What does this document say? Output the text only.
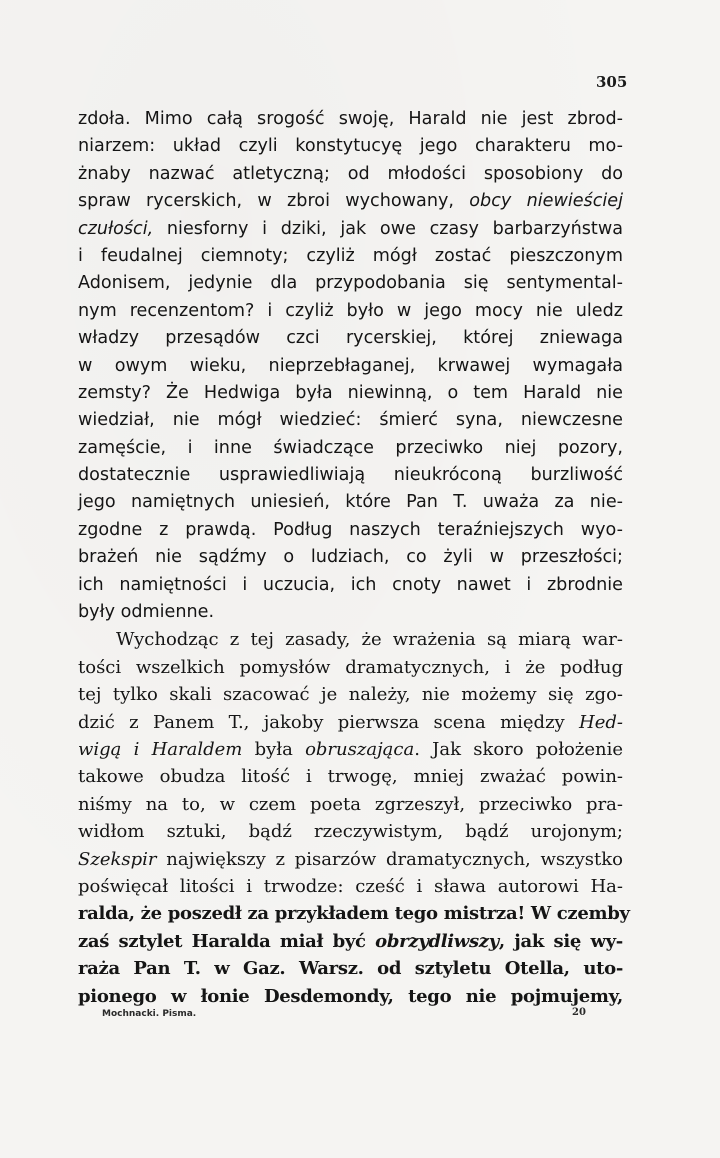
305
zdoła. Mimo całą srogość swoję, Harald nie jest zbrod-
niarzem: układ czyli konstytucyę jego charakteru mo-
żnaby nazwać atletyczną; od młodości sposobiony do
spraw rycerskich, w zbroi wychowany, obcy niewieściej
czułości, niesforny i dziki, jak owe czasy barbarzyństwa
i feudalnej ciemnoty; czyliż mógł zostać pieszczonym
Adonisem, jedynie dla przypodobania się sentymental-
nym recenzentom? i czyliż było w jego mocy nie uledz
władzy przesądów czci rycerskiej, której zniewaga
w owym wieku, nieprzebłaganej, krwawej wymagała
zemsty? Że Hedwiga była niewinną, o tem Harald nie
wiedział, nie mógł wiedzieć: śmierć syna, niewczesne
zamęście, i inne świadczące przeciwko niej pozory,
dostatecznie usprawiedliwiają nieukróconą burzliwość
jego namiętnych uniesień, które Pan T. uważa za nie-
zgodne z prawdą. Podług naszych teraźniejszych wyo-
brażeń nie sądźmy o ludziach, co żyli w przeszłości;
ich namiętności i uczucia, ich cnoty nawet i zbrodnie
były odmienne.
Wychodząc z tej zasady, że wrażenia są miarą war-
tości wszelkich pomysłów dramatycznych, i że podług
tej tylko skali szacować je należy, nie możemy się zgo-
dzić z Panem T., jakoby pierwsza scena między Hed-
wigą i Haraldem była obruszająca. Jak skoro położenie
takowe obudza litość i trwogę, mniej zważać powin-
niśmy na to, w czem poeta zgrzeszył, przeciwko pra-
widłom sztuki, bądź rzeczywistym, bądź urojonym;
Szekspir największy z pisarzów dramatycznych, wszystko
poświęcał litości i trwodze: cześć i sława autorowi Ha-
ralda, że poszedł za przykładem tego mistrza! W czemby
zaś sztylet Haralda miał być obrzydliwszy, jak się wy-
raża Pan T. w Gaz. Warsz. od sztyletu Otella, uto-
pionego w łonie Desdemondy, tego nie pojmujemy,
Mochnacki. Pisma.	20
